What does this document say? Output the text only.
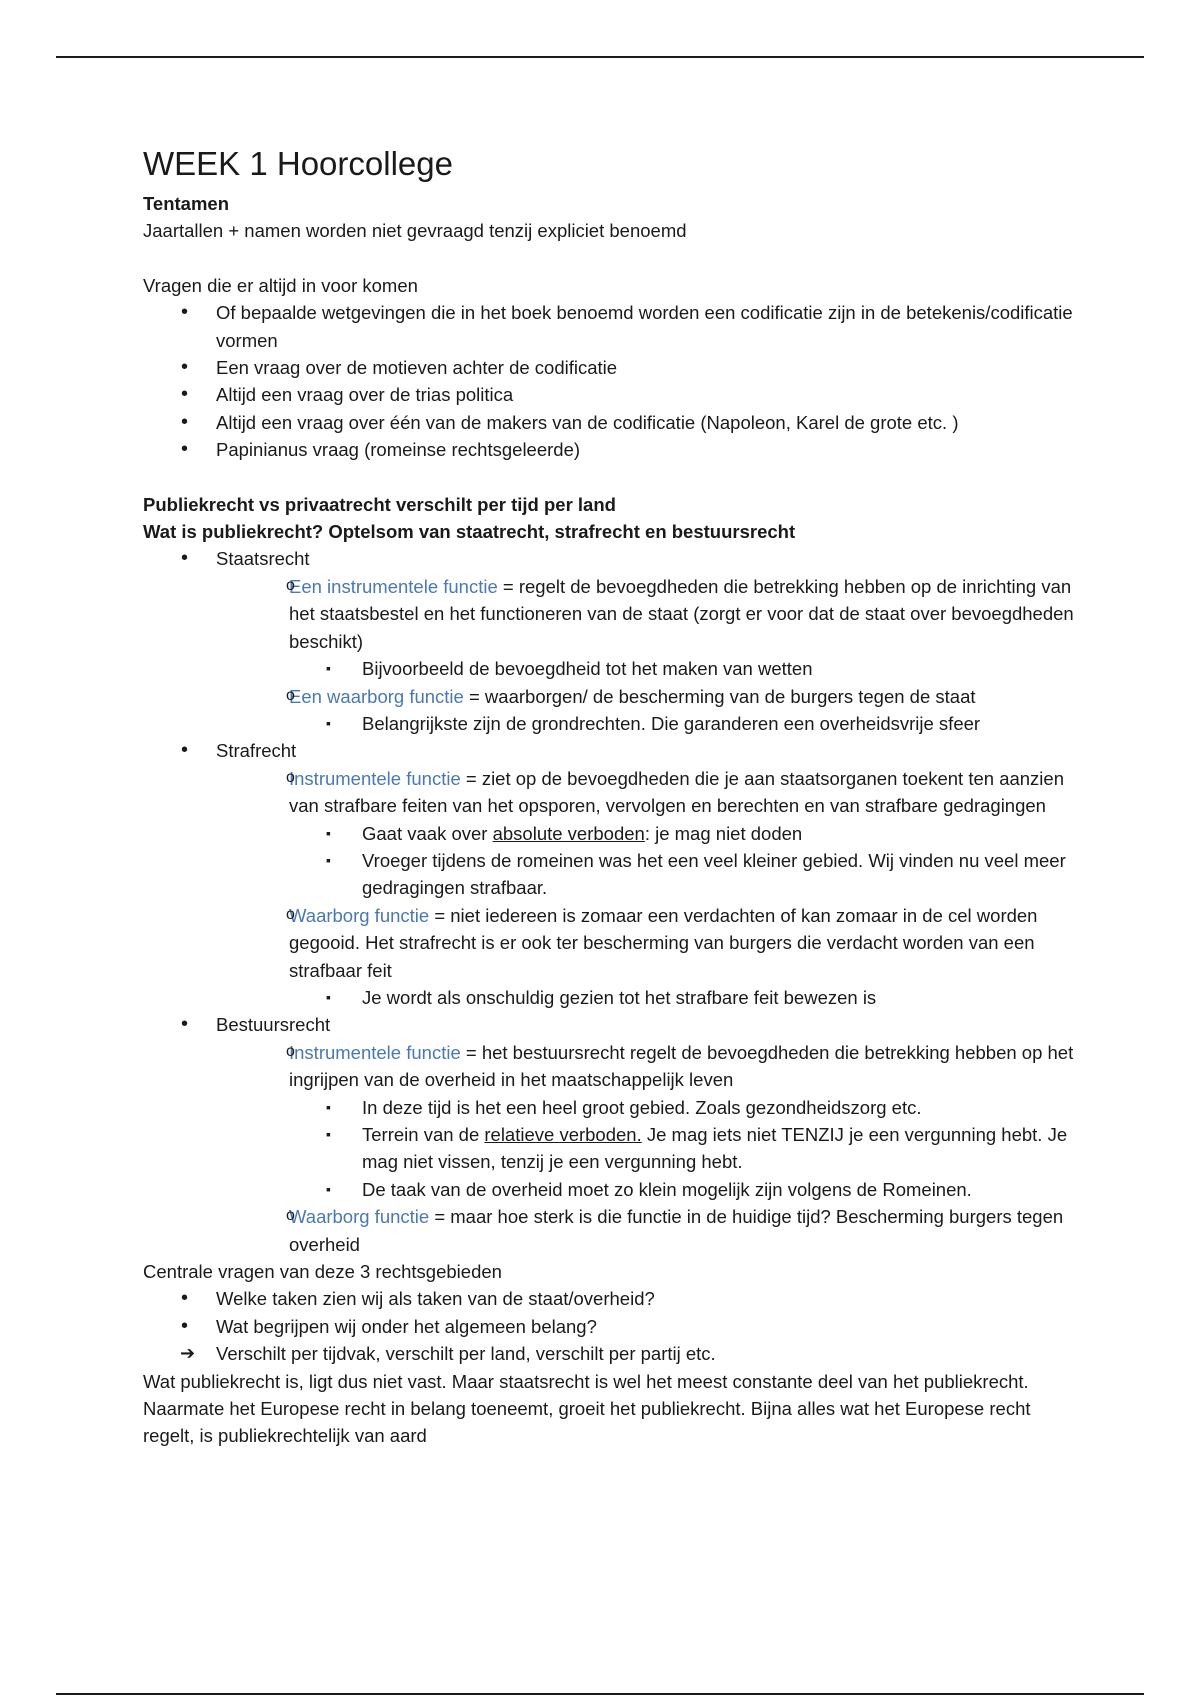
WEEK 1 Hoorcollege

Tentamen

Jaartallen + namen worden niet gevraagd tenzij expliciet benoemd

Vragen die er altijd in voor komen

• Of bepaalde wetgevingen die in het boek benoemd worden een codificatie zijn in de betekenis/codificatie vormen
• Een vraag over de motieven achter de codificatie
• Altijd een vraag over de trias politica
• Altijd een vraag over één van de makers van de codificatie (Napoleon, Karel de grote etc. )
• Papinianus vraag (romeinse rechtsgeleerde)

Publiekrecht vs privaatrecht verschilt per tijd per land

Wat is publiekrecht? Optelsom van staatrecht, strafrecht en bestuursrecht

• Staatsrecht
o Een instrumentele functie = regelt de bevoegdheden die betrekking hebben op de inrichting van het staatsbestel en het functioneren van de staat (zorgt er voor dat de staat over bevoegdheden beschikt)
▪ Bijvoorbeeld de bevoegdheid tot het maken van wetten
o Een waarborg functie = waarborgen/ de bescherming van de burgers tegen de staat
▪ Belangrijkste zijn de grondrechten. Die garanderen een overheidsvrije sfeer
• Strafrecht
o Instrumentele functie = ziet op de bevoegdheden die je aan staatsorganen toekent ten aanzien van strafbare feiten van het opsporen, vervolgen en berechten en van strafbare gedragingen
▪ Gaat vaak over absolute verboden: je mag niet doden
▪ Vroeger tijdens de romeinen was het een veel kleiner gebied. Wij vinden nu veel meer gedragingen strafbaar.
o Waarborg functie = niet iedereen is zomaar een verdachten of kan zomaar in de cel worden gegooid. Het strafrecht is er ook ter bescherming van burgers die verdacht worden van een strafbaar feit
▪ Je wordt als onschuldig gezien tot het strafbare feit bewezen is
• Bestuursrecht
o Instrumentele functie = het bestuursrecht regelt de bevoegdheden die betrekking hebben op het ingrijpen van de overheid in het maatschappelijk leven
▪ In deze tijd is het een heel groot gebied. Zoals gezondheidszorg etc.
▪ Terrein van de relatieve verboden. Je mag iets niet TENZIJ je een vergunning hebt. Je mag niet vissen, tenzij je een vergunning hebt.
▪ De taak van de overheid moet zo klein mogelijk zijn volgens de Romeinen.
o Waarborg functie = maar hoe sterk is die functie in de huidige tijd? Bescherming burgers tegen overheid

Centrale vragen van deze 3 rechtsgebieden

• Welke taken zien wij als taken van de staat/overheid?
• Wat begrijpen wij onder het algemeen belang?
➔ Verschilt per tijdvak, verschilt per land, verschilt per partij etc.

Wat publiekrecht is, ligt dus niet vast. Maar staatsrecht is wel het meest constante deel van het publiekrecht.

Naarmate het Europese recht in belang toeneemt, groeit het publiekrecht. Bijna alles wat het Europese recht regelt, is publiekrechtelijk van aard
